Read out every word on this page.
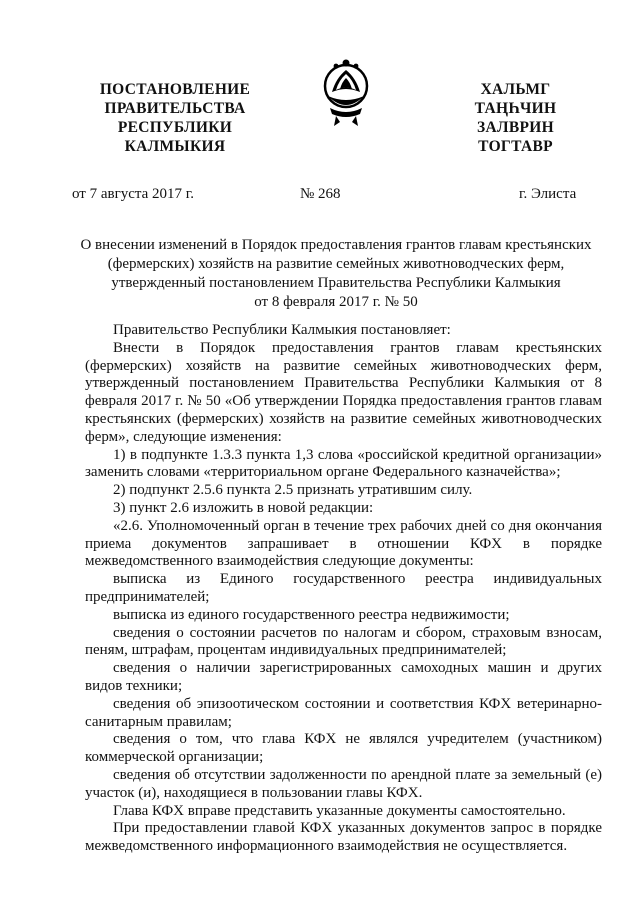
ПОСТАНОВЛЕНИЕ
ПРАВИТЕЛЬСТВА
РЕСПУБЛИКИ
КАЛМЫКИЯ
ХАЛЬМГ
ТАҢҺЧИН
ЗАЛВРИН
ТОГТАВР
от 7 августа 2017 г.	№ 268	г. Элиста
О внесении изменений в Порядок предоставления грантов главам крестьянских
(фермерских) хозяйств на развитие семейных животноводческих ферм,
утвержденный постановлением Правительства Республики Калмыкия
от 8 февраля 2017 г. № 50

Правительство Республики Калмыкия постановляет:

Внести в Порядок предоставления грантов главам крестьянских (фермерских) хозяйств на развитие семейных животноводческих ферм, утвержденный постановлением Правительства Республики Калмыкия от 8 февраля 2017 г. № 50 «Об утверждении Порядка предоставления грантов главам крестьянских (фермерских) хозяйств на развитие семейных животноводческих ферм», следующие изменения:

1) в подпункте 1.3.3 пункта 1,3 слова «российской кредитной организации» заменить словами «территориальном органе Федерального казначейства»;

2) подпункт 2.5.6 пункта 2.5 признать утратившим силу.

3) пункт 2.6 изложить в новой редакции:

«2.6. Уполномоченный орган в течение трех рабочих дней со дня окончания приема документов запрашивает в отношении КФХ в порядке межведомственного взаимодействия следующие документы:

выписка из Единого государственного реестра индивидуальных предпринимателей;

выписка из единого государственного реестра недвижимости;

сведения о состоянии расчетов по налогам и сбором, страховым взносам, пеням, штрафам, процентам индивидуальных предпринимателей;

сведения о наличии зарегистрированных самоходных машин и других видов техники;

сведения об эпизоотическом состоянии и соответствия КФХ ветеринарно-санитарным правилам;

сведения о том, что глава КФХ не являлся учредителем (участником) коммерческой организации;

сведения об отсутствии задолженности по арендной плате за земельный (е) участок (и), находящиеся в пользовании главы КФХ.

Глава КФХ вправе представить указанные документы самостоятельно.

При предоставлении главой КФХ указанных документов запрос в порядке межведомственного информационного взаимодействия не осуществляется.
